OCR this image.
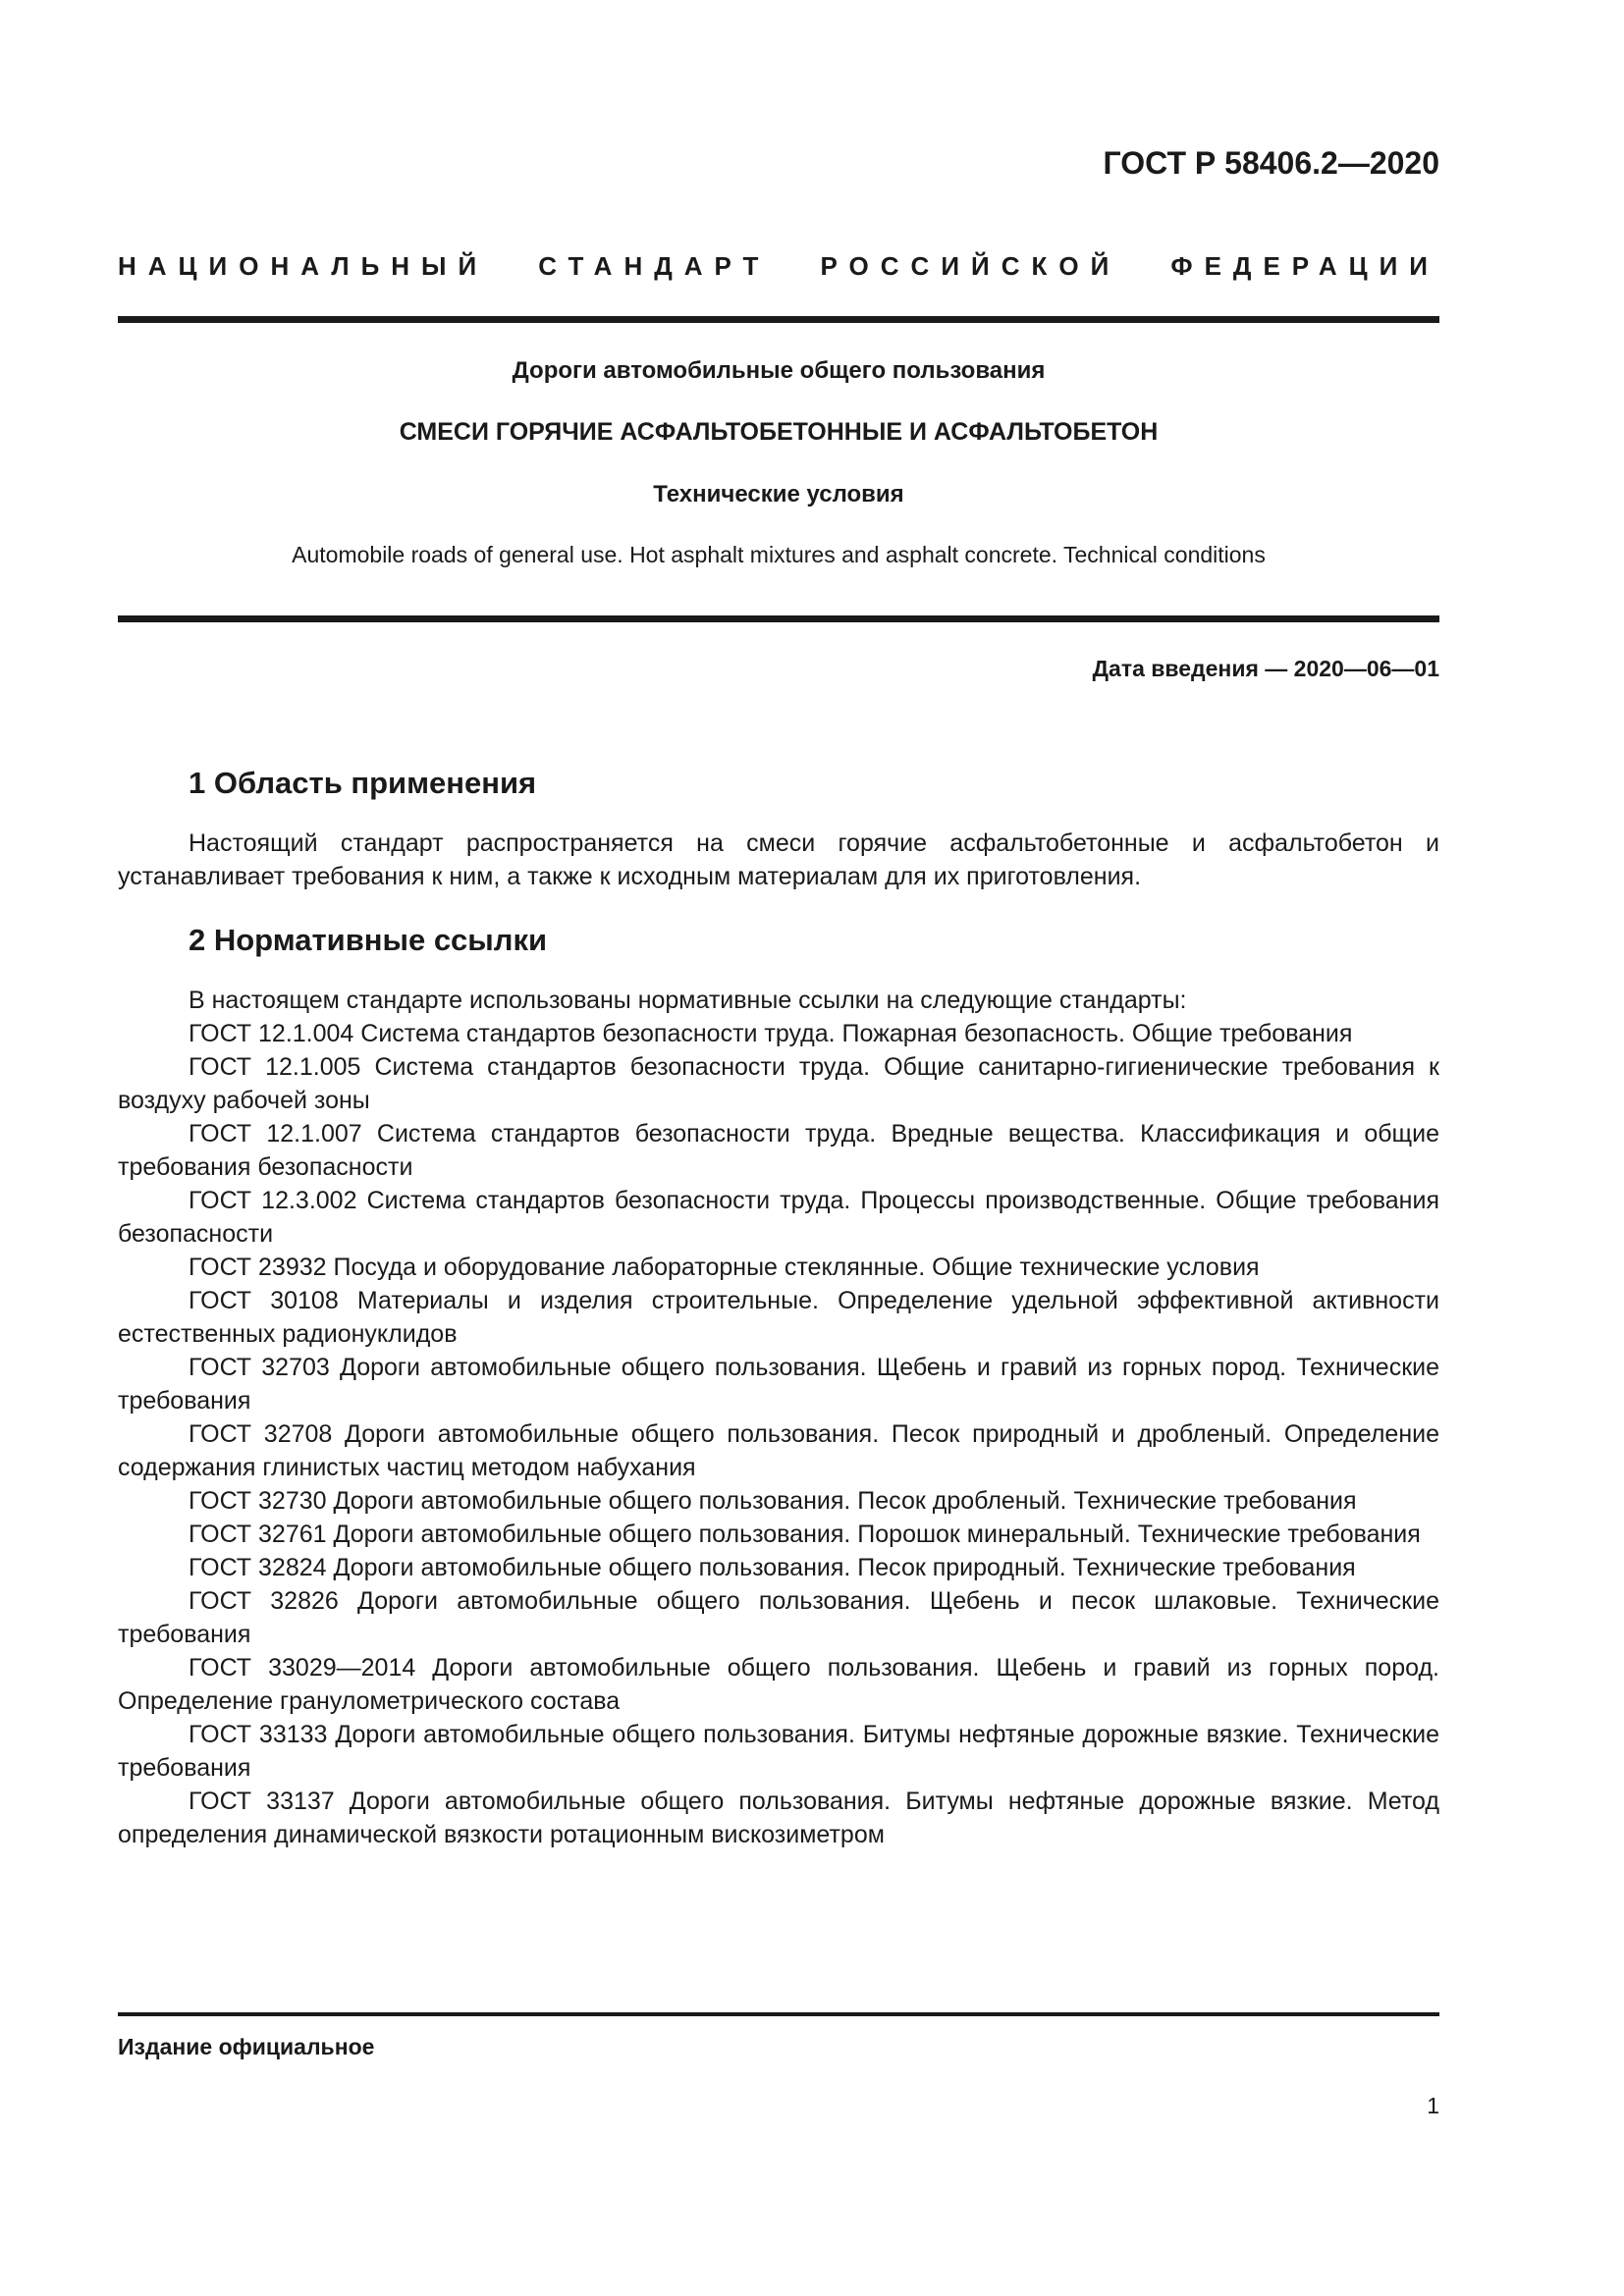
ГОСТ Р 58406.2—2020

НАЦИОНАЛЬНЫЙ СТАНДАРТ РОССИЙСКОЙ ФЕДЕРАЦИИ

Дороги автомобильные общего пользования

СМЕСИ ГОРЯЧИЕ АСФАЛЬТОБЕТОННЫЕ И АСФАЛЬТОБЕТОН

Технические условия

Automobile roads of general use. Hot asphalt mixtures and asphalt concrete. Technical conditions

Дата введения — 2020—06—01

1 Область применения

Настоящий стандарт распространяется на смеси горячие асфальтобетонные и асфальтобетон и устанавливает требования к ним, а также к исходным материалам для их приготовления.

2 Нормативные ссылки

В настоящем стандарте использованы нормативные ссылки на следующие стандарты:

ГОСТ 12.1.004 Система стандартов безопасности труда. Пожарная безопасность. Общие требования

ГОСТ 12.1.005 Система стандартов безопасности труда. Общие санитарно-гигиенические требования к воздуху рабочей зоны

ГОСТ 12.1.007 Система стандартов безопасности труда. Вредные вещества. Классификация и общие требования безопасности

ГОСТ 12.3.002 Система стандартов безопасности труда. Процессы производственные. Общие требования безопасности

ГОСТ 23932 Посуда и оборудование лабораторные стеклянные. Общие технические условия

ГОСТ 30108 Материалы и изделия строительные. Определение удельной эффективной активности естественных радионуклидов

ГОСТ 32703 Дороги автомобильные общего пользования. Щебень и гравий из горных пород. Технические требования

ГОСТ 32708 Дороги автомобильные общего пользования. Песок природный и дробленый. Определение содержания глинистых частиц методом набухания

ГОСТ 32730 Дороги автомобильные общего пользования. Песок дробленый. Технические требования

ГОСТ 32761 Дороги автомобильные общего пользования. Порошок минеральный. Технические требования

ГОСТ 32824 Дороги автомобильные общего пользования. Песок природный. Технические требования

ГОСТ 32826 Дороги автомобильные общего пользования. Щебень и песок шлаковые. Технические требования

ГОСТ 33029—2014 Дороги автомобильные общего пользования. Щебень и гравий из горных пород. Определение гранулометрического состава

ГОСТ 33133 Дороги автомобильные общего пользования. Битумы нефтяные дорожные вязкие. Технические требования

ГОСТ 33137 Дороги автомобильные общего пользования. Битумы нефтяные дорожные вязкие. Метод определения динамической вязкости ротационным вискозиметром

Издание официальное

1
